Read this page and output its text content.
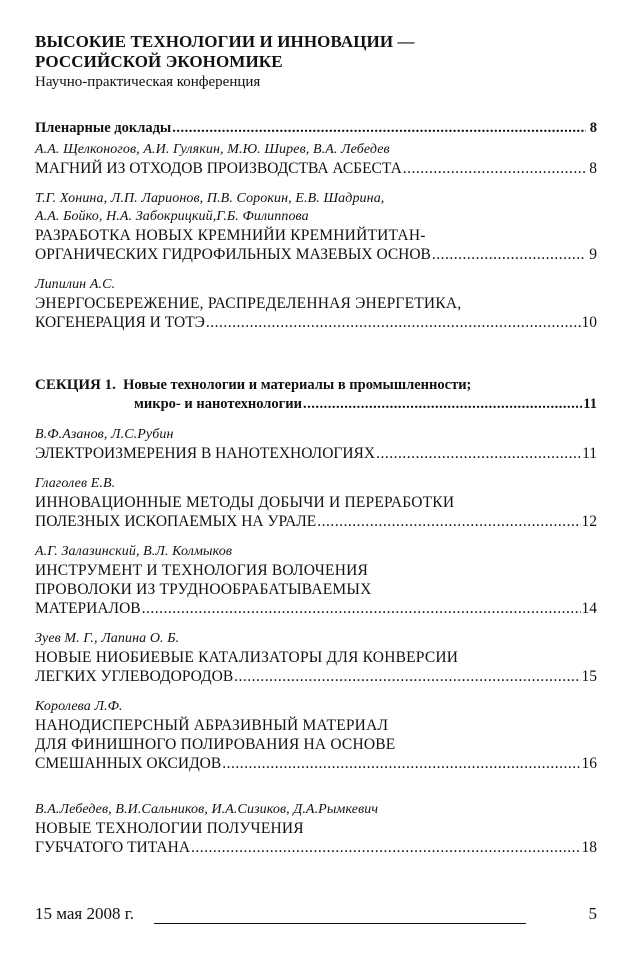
ВЫСОКИЕ ТЕХНОЛОГИИ И ИННОВАЦИИ —

РОССИЙСКОЙ ЭКОНОМИКЕ

Научно-практическая конференция

Пленарные доклады .....	8
А.А. Щелконогов, А.И. Гулякин, М.Ю. Ширев, В.А. Лебедев
МАГНИЙ ИЗ ОТХОДОВ ПРОИЗВОДСТВА АСБЕСТА .....	8
Т.Г. Хонина, Л.П. Ларионов, П.В. Сорокин, Е.В. Шадрина,
А.А. Бойко, Н.А. Забокрицкий,Г.Б. Филиппова
РАЗРАБОТКА НОВЫХ КРЕМНИЙИ КРЕМНИЙТИТАН-
ОРГАНИЧЕСКИХ ГИДРОФИЛЬНЫХ МАЗЕВЫХ ОСНОВ .....	9
Липилин А.С.
ЭНЕРГОСБЕРЕЖЕНИЕ, РАСПРЕДЕЛЕННАЯ ЭНЕРГЕТИКА,
КОГЕНЕРАЦИЯ И ТОТЭ .....	10
СЕКЦИЯ 1. Новые технологии и материалы в промышленности;
микро- и нанотехнологии .....	11
В.Ф.Азанов, Л.С.Рубин
ЭЛЕКТРОИЗМЕРЕНИЯ В НАНОТЕХНОЛОГИЯХ .....	11
Глаголев Е.В.
ИННОВАЦИОННЫЕ МЕТОДЫ ДОБЫЧИ И ПЕРЕРАБОТКИ
ПОЛЕЗНЫХ ИСКОПАЕМЫХ НА УРАЛЕ .....	12
А.Г. Залазинский, В.Л. Колмыков
ИНСТРУМЕНТ И ТЕХНОЛОГИЯ ВОЛОЧЕНИЯ
ПРОВОЛОКИ ИЗ ТРУДНООБРАБАТЫВАЕМЫХ
МАТЕРИАЛОВ .....	14
Зуев М. Г., Лапина О. Б.
НОВЫЕ НИОБИЕВЫЕ КАТАЛИЗАТОРЫ ДЛЯ КОНВЕРСИИ
ЛЕГКИХ УГЛЕВОДОРОДОВ .....	15
Королева Л.Ф.
НАНОДИСПЕРСНЫЙ АБРАЗИВНЫЙ МАТЕРИАЛ
ДЛЯ ФИНИШНОГО ПОЛИРОВАНИЯ НА ОСНОВЕ
СМЕШАННЫХ ОКСИДОВ .....	16
В.А.Лебедев, В.И.Сальников, И.А.Сизиков, Д.А.Рымкевич
НОВЫЕ ТЕХНОЛОГИИ ПОЛУЧЕНИЯ
ГУБЧАТОГО ТИТАНА .....	18
15 мая 2008 г.	5
